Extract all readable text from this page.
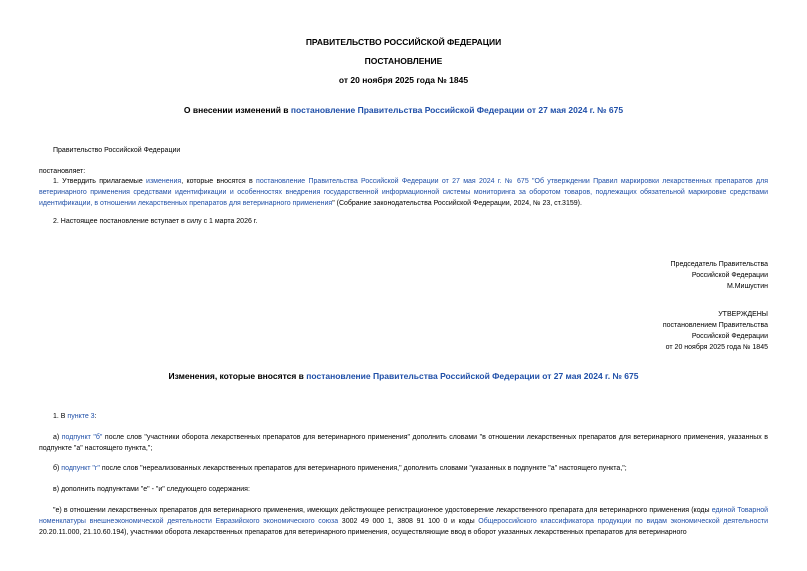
ПРАВИТЕЛЬСТВО РОССИЙСКОЙ ФЕДЕРАЦИИ
ПОСТАНОВЛЕНИЕ
от 20 ноября 2025 года № 1845
О внесении изменений в постановление Правительства Российской Федерации от 27 мая 2024 г. № 675
Правительство Российской Федерации
постановляет:
1. Утвердить прилагаемые изменения, которые вносятся в постановление Правительства Российской Федерации от 27 мая 2024 г. № 675 "Об утверждении Правил маркировки лекарственных препаратов для ветеринарного применения средствами идентификации и особенностях внедрения государственной информационной системы мониторинга за оборотом товаров, подлежащих обязательной маркировке средствами идентификации, в отношении лекарственных препаратов для ветеринарного применения" (Собрание законодательства Российской Федерации, 2024, № 23, ст.3159).
2. Настоящее постановление вступает в силу с 1 марта 2026 г.
Председатель Правительства
Российской Федерации
М.Мишустин
УТВЕРЖДЕНЫ
постановлением Правительства
Российской Федерации
от 20 ноября 2025 года № 1845
Изменения, которые вносятся в постановление Правительства Российской Федерации от 27 мая 2024 г. № 675
1. В пункте 3:
а) подпункт "б" после слов "участники оборота лекарственных препаратов для ветеринарного применения" дополнить словами "в отношении лекарственных препаратов для ветеринарного применения, указанных в подпункте "а" настоящего пункта,";
б) подпункт "г" после слов "нереализованных лекарственных препаратов для ветеринарного применения," дополнить словами "указанных в подпункте "а" настоящего пункта,";
в) дополнить подпунктами "е" - "и" следующего содержания:
"е) в отношении лекарственных препаратов для ветеринарного применения, имеющих действующее регистрационное удостоверение лекарственного препарата для ветеринарного применения (коды единой Товарной номенклатуры внешнеэкономической деятельности Евразийского экономического союза 3002 49 000 1, 3808 91 100 0 и коды Общероссийского классификатора продукции по видам экономической деятельности 20.20.11.000, 21.10.60.194), участники оборота лекарственных препаратов для ветеринарного применения, осуществляющие ввод в оборот указанных лекарственных препаратов для ветеринарного
